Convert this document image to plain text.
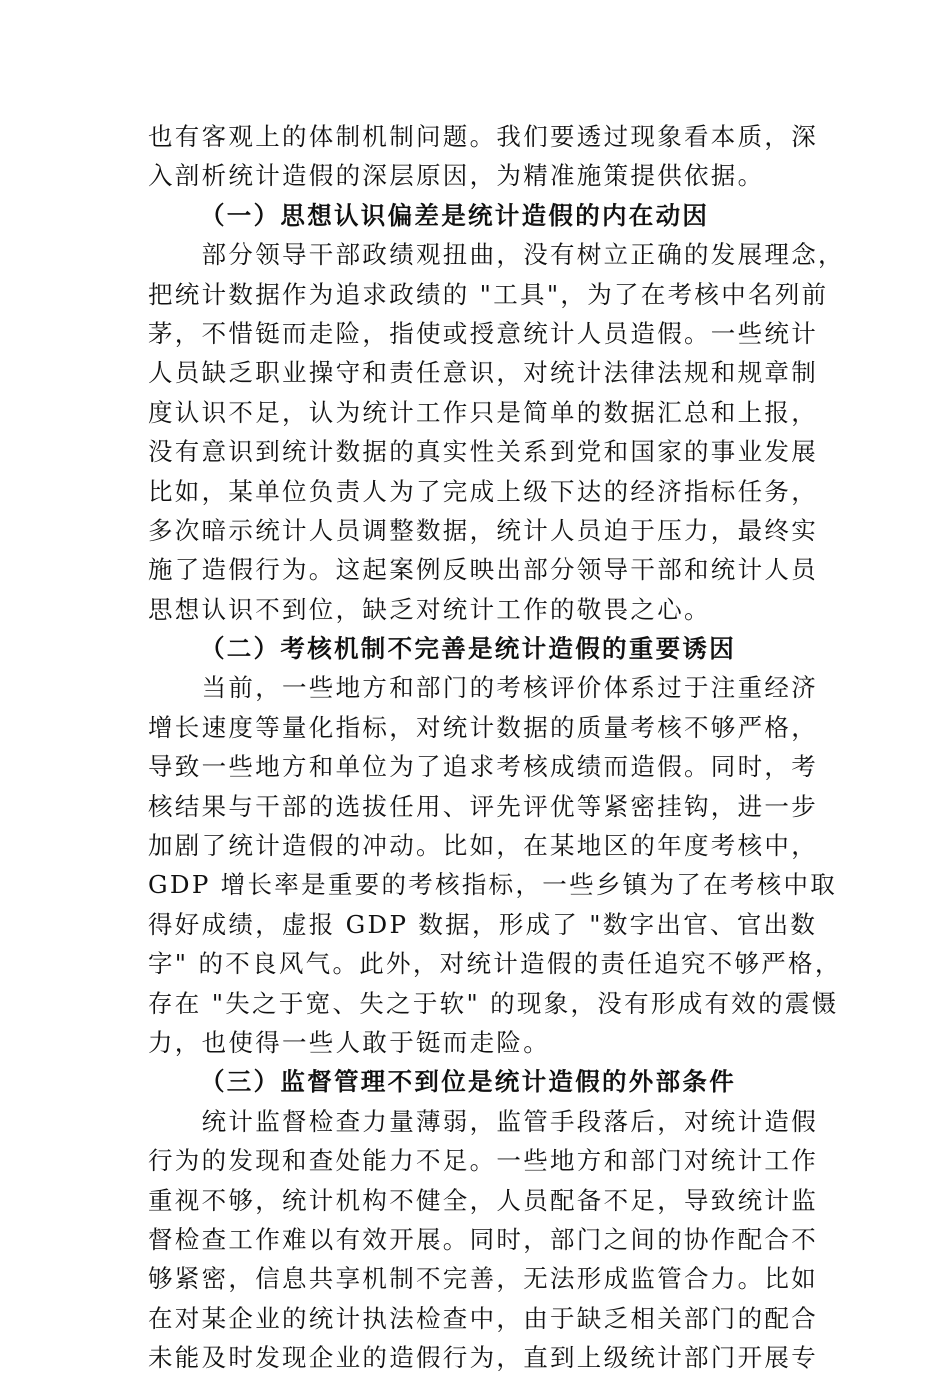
也有客观上的体制机制问题。我们要透过现象看本质，深
入剖析统计造假的深层原因，为精准施策提供依据。
（一）思想认识偏差是统计造假的内在动因
　　部分领导干部政绩观扭曲，没有树立正确的发展理念，
把统计数据作为追求政绩的 "工具"，为了在考核中名列前
茅，不惜铤而走险，指使或授意统计人员造假。一些统计
人员缺乏职业操守和责任意识，对统计法律法规和规章制
度认识不足，认为统计工作只是简单的数据汇总和上报，
没有意识到统计数据的真实性关系到党和国家的事业发展
比如，某单位负责人为了完成上级下达的经济指标任务，
多次暗示统计人员调整数据，统计人员迫于压力，最终实
施了造假行为。这起案例反映出部分领导干部和统计人员
思想认识不到位，缺乏对统计工作的敬畏之心。
（二）考核机制不完善是统计造假的重要诱因
　　当前，一些地方和部门的考核评价体系过于注重经济
增长速度等量化指标，对统计数据的质量考核不够严格，
导致一些地方和单位为了追求考核成绩而造假。同时，考
核结果与干部的选拔任用、评先评优等紧密挂钩，进一步
加剧了统计造假的冲动。比如，在某地区的年度考核中，
GDP 增长率是重要的考核指标，一些乡镇为了在考核中取
得好成绩，虚报 GDP 数据，形成了 "数字出官、官出数
字" 的不良风气。此外，对统计造假的责任追究不够严格，
存在 "失之于宽、失之于软" 的现象，没有形成有效的震慑
力，也使得一些人敢于铤而走险。
（三）监督管理不到位是统计造假的外部条件
　　统计监督检查力量薄弱，监管手段落后，对统计造假
行为的发现和查处能力不足。一些地方和部门对统计工作
重视不够，统计机构不健全，人员配备不足，导致统计监
督检查工作难以有效开展。同时，部门之间的协作配合不
够紧密，信息共享机制不完善，无法形成监管合力。比如
在对某企业的统计执法检查中，由于缺乏相关部门的配合
未能及时发现企业的造假行为，直到上级统计部门开展专
